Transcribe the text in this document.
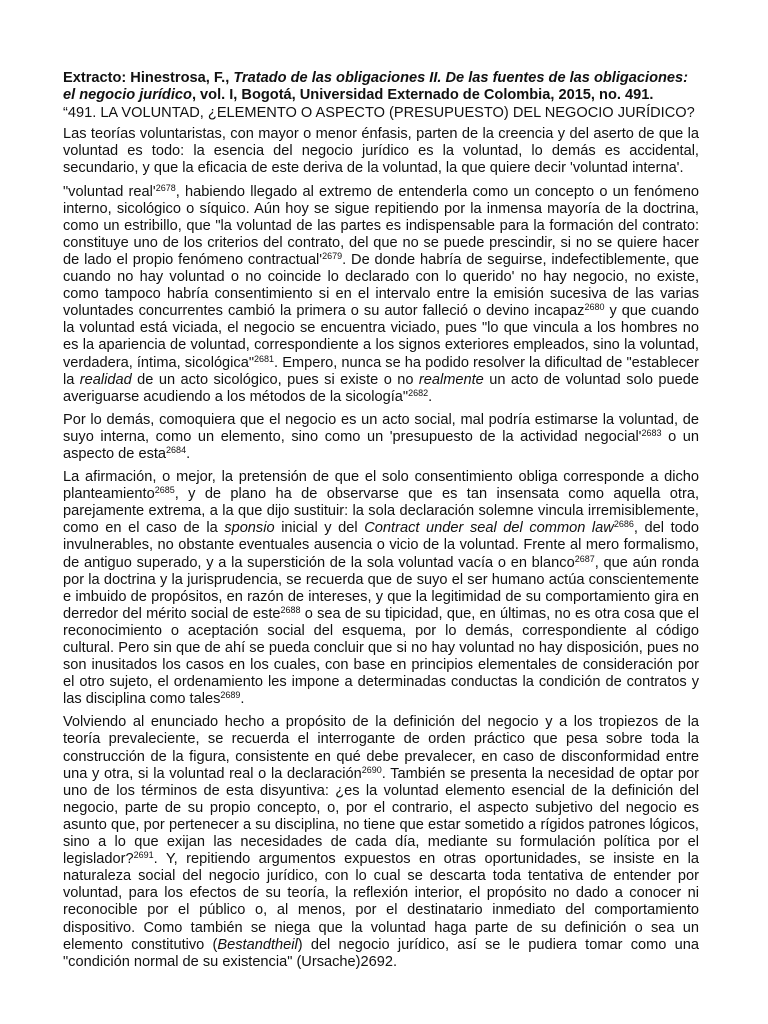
Extracto: Hinestrosa, F., Tratado de las obligaciones II. De las fuentes de las obligaciones: el negocio jurídico, vol. I, Bogotá, Universidad Externado de Colombia, 2015, no. 491.
“491. LA VOLUNTAD, ¿ELEMENTO O ASPECTO (PRESUPUESTO) DEL NEGOCIO JURÍDICO?

Las teorías voluntaristas, con mayor o menor énfasis, parten de la creencia y del aserto de que la voluntad es todo: la esencia del negocio jurídico es la voluntad, lo demás es accidental, secundario, y que la eficacia de este deriva de la voluntad, la que quiere decir 'voluntad interna'.

"voluntad $real'^{2678}$, habiendo llegado al extremo de entenderla como un concepto o un fenómeno interno, sicológico o síquico. Aún hoy se sigue repitiendo por la inmensa mayoría de la doctrina, como un estribillo, que "la voluntad de las partes es indispensable para la formación del contrato: constituye uno de los criterios del contrato, del que no se puede prescindir, si no se quiere hacer de lado el propio fenómeno $contractual'^{2679}$. De donde habría de seguirse, indefectiblemente, que cuando no hay voluntad o no coincide lo declarado con lo querido' no hay negocio, no existe, como tampoco habría consentimiento si en el intervalo entre la emisión sucesiva de las varias voluntades concurrentes cambió la primera o su autor falleció o devino incapaz$^{2680}$ y que cuando la voluntad está viciada, el negocio se encuentra viciado, pues "lo que vincula a los hombres no es la apariencia de voluntad, correspondiente a los signos exteriores empleados, sino la voluntad, verdadera, íntima, sicológica"$^{2681}$. Empero, nunca se ha podido resolver la dificultad de "establecer la realidad de un acto sicológico, pues si existe o no realmente un acto de voluntad solo puede averiguarse acudiendo a los métodos de la sicología"$^{2682}$.

Por lo demás, comoquiera que el negocio es un acto social, mal podría estimarse la voluntad, de suyo interna, como un elemento, sino como un 'presupuesto de la actividad $negocial'^{2683}$ o un aspecto de esta$^{2684}$.

La afirmación, o mejor, la pretensión de que el solo consentimiento obliga corresponde a dicho planteamiento$^{2685}$, y de plano ha de observarse que es tan insensata como aquella otra, parejamente extrema, a la que dijo sustituir: la sola declaración solemne vincula irremisiblemente, como en el caso de la sponsio inicial y del Contract under seal del common law$^{2686}$, del todo invulnerables, no obstante eventuales ausencia o vicio de la voluntad. Frente al mero formalismo, de antiguo superado, y a la superstición de la sola voluntad vacía o en blanco$^{2687}$, que aún ronda por la doctrina y la jurisprudencia, se recuerda que de suyo el ser humano actúa conscientemente e imbuido de propósitos, en razón de intereses, y que la legitimidad de su comportamiento gira en derredor del mérito social de este$^{2688}$ o sea de su tipicidad, que, en últimas, no es otra cosa que el reconocimiento o aceptación social del esquema, por lo demás, correspondiente al código cultural. Pero sin que de ahí se pueda concluir que si no hay voluntad no hay disposición, pues no son inusitados los casos en los cuales, con base en principios elementales de consideración por el otro sujeto, el ordenamiento les impone a determinadas conductas la condición de contratos y las disciplina como tales$^{2689}$.

Volviendo al enunciado hecho a propósito de la definición del negocio y a los tropiezos de la teoría prevaleciente, se recuerda el interrogante de orden práctico que pesa sobre toda la construcción de la figura, consistente en qué debe prevalecer, en caso de disconformidad entre una y otra, si la voluntad real o la declaración$^{2690}$. También se presenta la necesidad de optar por uno de los términos de esta disyuntiva: ¿es la voluntad elemento esencial de la definición del negocio, parte de su propio concepto, o, por el contrario, el aspecto subjetivo del negocio es asunto que, por pertenecer a su disciplina, no tiene que estar sometido a rígidos patrones lógicos, sino a lo que exijan las necesidades de cada día, mediante su formulación política por el legislador?$^{2691}$. Y, repitiendo argumentos expuestos en otras oportunidades, se insiste en la naturaleza social del negocio jurídico, con lo cual se descarta toda tentativa de entender por voluntad, para los efectos de su teoría, la reflexión interior, el propósito no dado a conocer ni reconocible por el público o, al menos, por el destinatario inmediato del comportamiento dispositivo. Como también se niega que la voluntad haga parte de su definición o sea un elemento constitutivo (Bestandtheil) del negocio jurídico, así se le pudiera tomar como una "condición normal de su existencia" (Ursache)2692.
